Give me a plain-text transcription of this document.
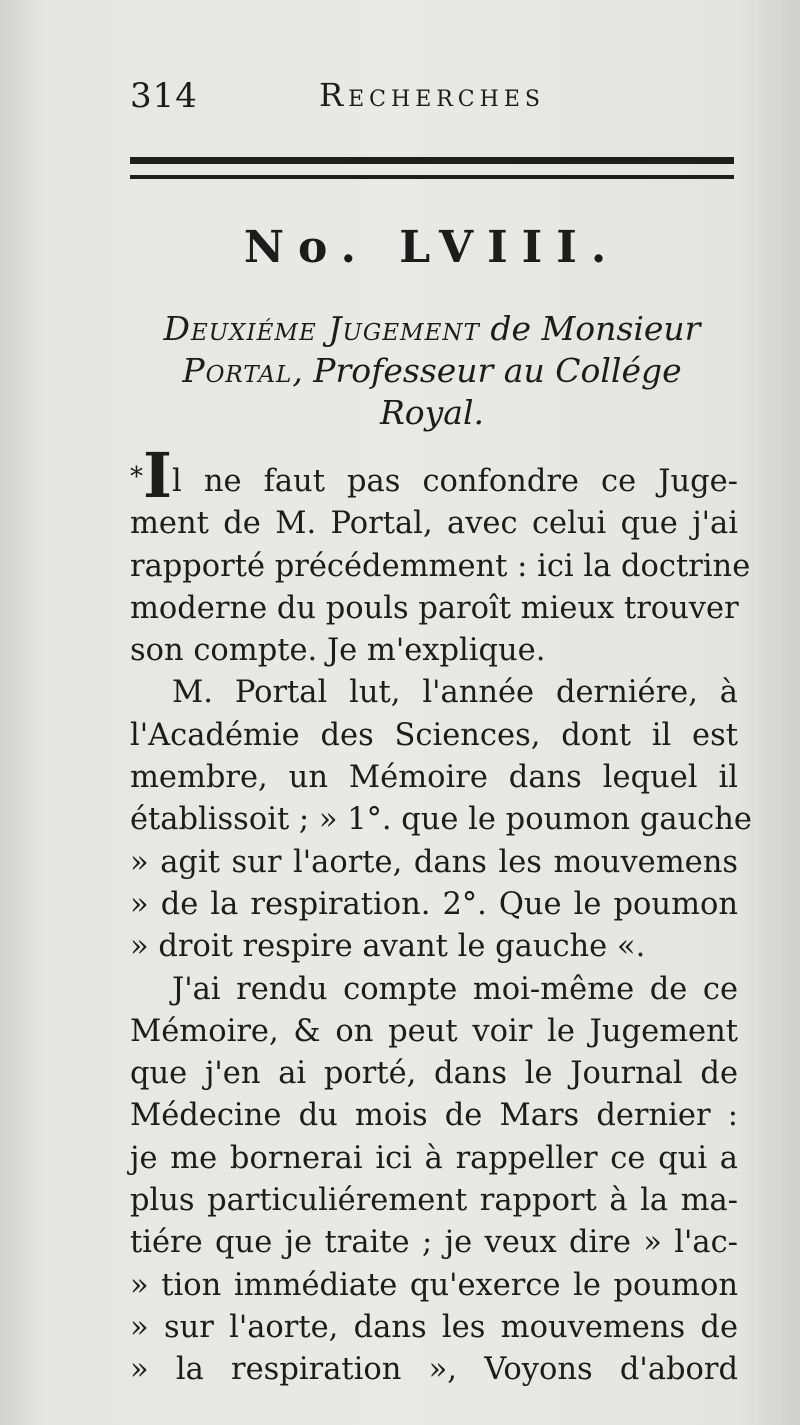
314	Recherches
No. LVIII.
Deuxiéme Jugement de Monsieur
Portal, Professeur au Collége
Royal.

*Il ne faut pas confondre ce Juge-
ment de M. Portal, avec celui que j'ai
rapporté précédemment : ici la doctrine
moderne du pouls paroît mieux trouver
son compte. Je m'explique.

M. Portal lut, l'année derniére, à
l'Académie des Sciences, dont il est
membre, un Mémoire dans lequel il
établissoit ; » 1°. que le poumon gauche
» agit sur l'aorte, dans les mouvemens
» de la respiration. 2°. Que le poumon
» droit respire avant le gauche «.

J'ai rendu compte moi-même de ce
Mémoire, & on peut voir le Jugement
que j'en ai porté, dans le Journal de
Médecine du mois de Mars dernier :
je me bornerai ici à rappeller ce qui a
plus particuliérement rapport à la ma-
tiére que je traite ; je veux dire » l'ac-
» tion immédiate qu'exerce le poumon
» sur l'aorte, dans les mouvemens de
» la respiration », Voyons d'abord
